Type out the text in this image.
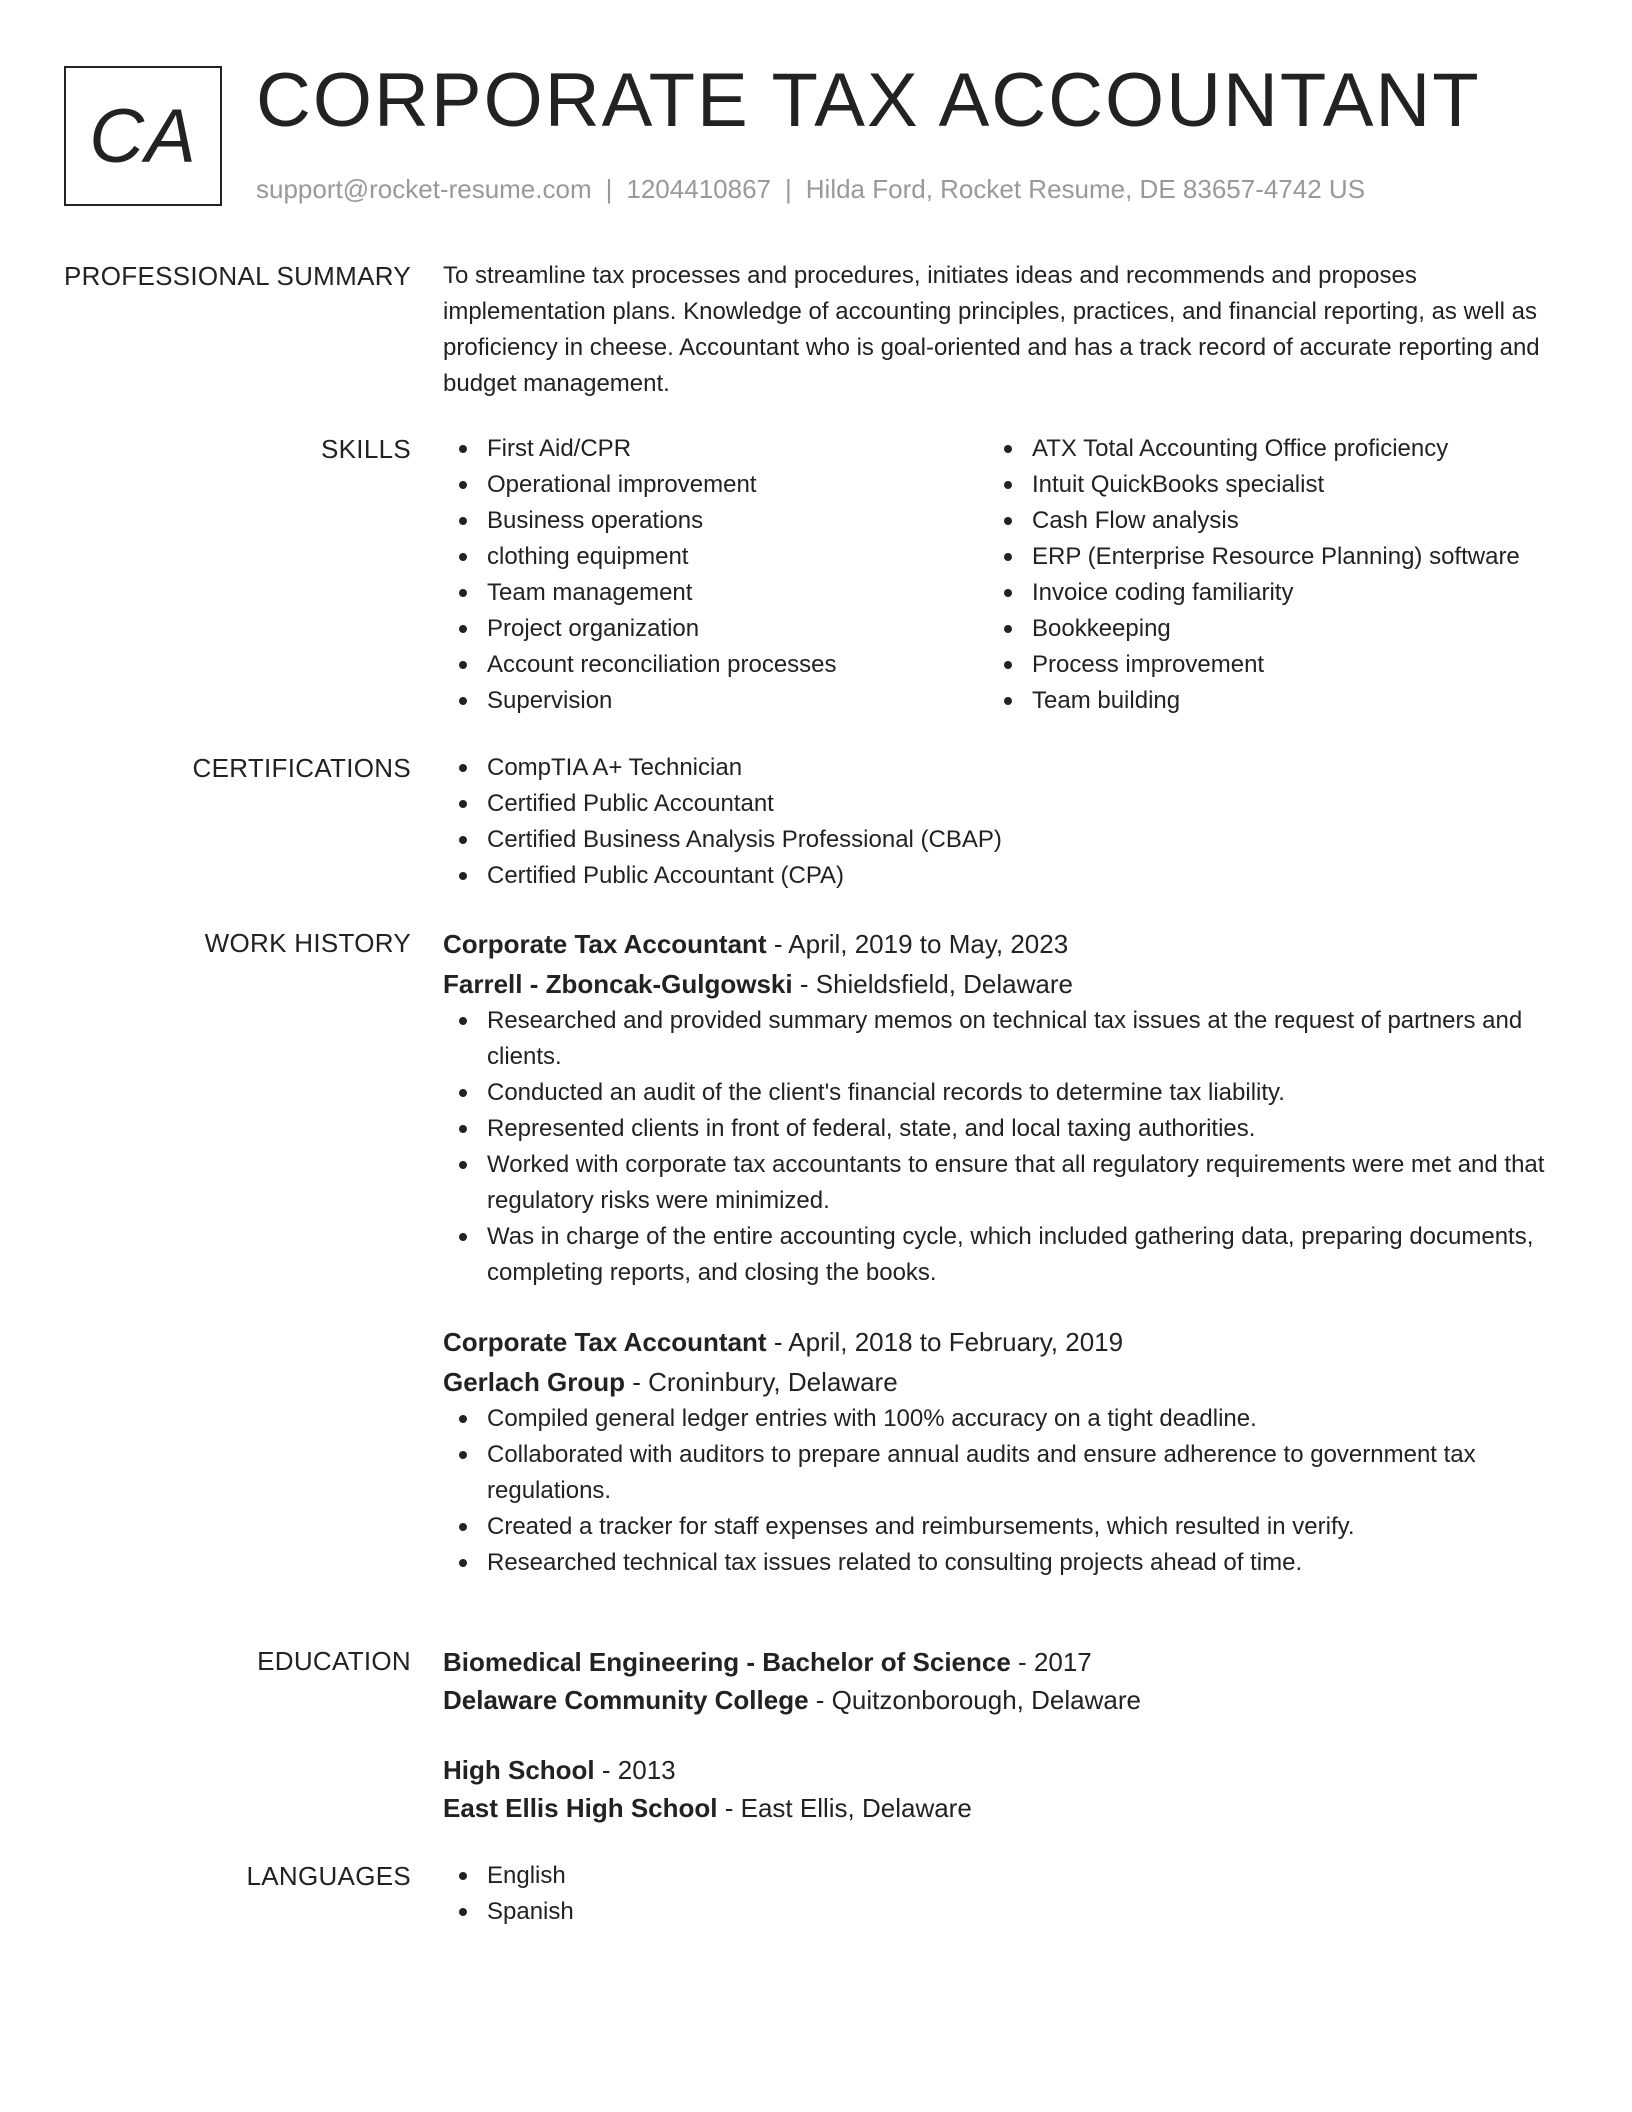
CA CORPORATE TAX ACCOUNTANT
support@rocket-resume.com | 1204410867 | Hilda Ford, Rocket Resume, DE 83657-4742 US
PROFESSIONAL SUMMARY To streamline tax processes and procedures, initiates ideas and recommends and proposes implementation plans. Knowledge of accounting principles, practices, and financial reporting, as well as proficiency in cheese. Accountant who is goal-oriented and has a track record of accurate reporting and budget management.

SKILLS	First Aid/CPR
Operational improvement
Business operations
clothing equipment
Team management
Project organization
Account reconciliation processes
Supervision
ATX Total Accounting Office proficiency
Intuit QuickBooks specialist
Cash Flow analysis
ERP (Enterprise Resource Planning) software
Invoice coding familiarity
Bookkeeping
Process improvement
Team building
CERTIFICATIONS	CompTIA A+ Technician
Certified Public Accountant
Certified Business Analysis Professional (CBAP)
Certified Public Accountant (CPA)
WORK HISTORY Corporate Tax Accountant - April, 2019 to May, 2023
Farrell - Zboncak-Gulgowski - Shieldsfield, Delaware
Researched and provided summary memos on technical tax issues at the request of partners and clients.
Conducted an audit of the client's financial records to determine tax liability.
Represented clients in front of federal, state, and local taxing authorities.
Worked with corporate tax accountants to ensure that all regulatory requirements were met and that regulatory risks were minimized.
Was in charge of the entire accounting cycle, which included gathering data, preparing documents, completing reports, and closing the books.
Corporate Tax Accountant - April, 2018 to February, 2019
Gerlach Group - Croninbury, Delaware
Compiled general ledger entries with 100% accuracy on a tight deadline.
Collaborated with auditors to prepare annual audits and ensure adherence to government tax regulations.
Created a tracker for staff expenses and reimbursements, which resulted in verify.
Researched technical tax issues related to consulting projects ahead of time.
EDUCATION Biomedical Engineering - Bachelor of Science - 2017
Delaware Community College - Quitzonborough, Delaware
High School - 2013
East Ellis High School - East Ellis, Delaware
LANGUAGES	English
Spanish
